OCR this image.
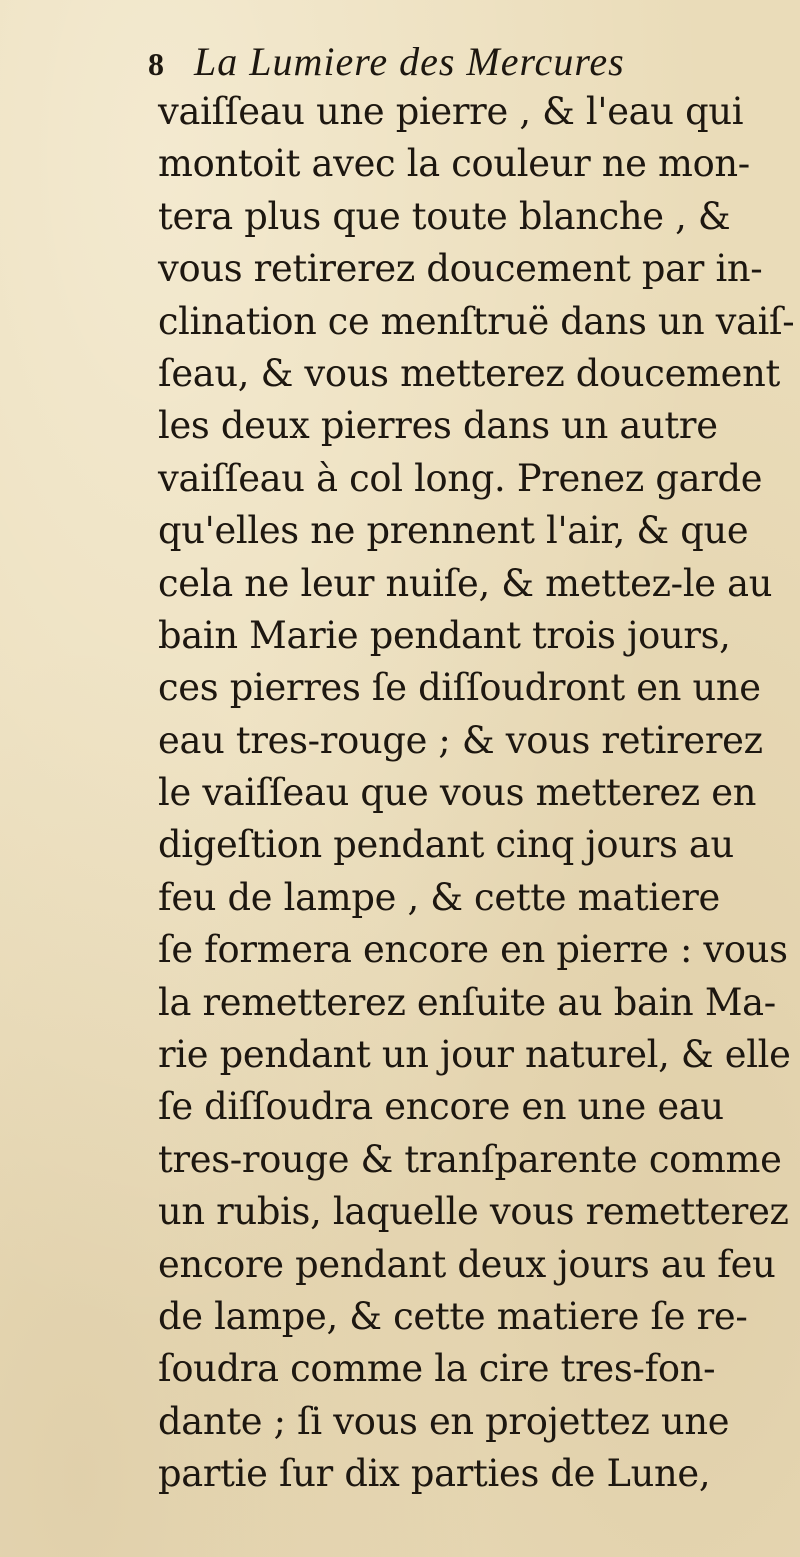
8 La Lumiere des Mercures
vaiſſeau une pierre , & l'eau qui
montoit avec la couleur ne mon-
tera plus que toute blanche , &
vous retirerez doucement par in-
clination ce menſtruë dans un vaiſ-
ſeau, & vous metterez doucement
les deux pierres dans un autre
vaiſſeau à col long. Prenez garde
qu'elles ne prennent l'air, & que
cela ne leur nuiſe, & mettez-le au
bain Marie pendant trois jours,
ces pierres ſe diſſoudront en une
eau tres-rouge ; & vous retirerez
le vaiſſeau que vous metterez en
digeſtion pendant cinq jours au
feu de lampe , & cette matiere
ſe formera encore en pierre : vous
la remetterez enſuite au bain Ma-
rie pendant un jour naturel, & elle
ſe diſſoudra encore en une eau
tres-rouge & tranſparente comme
un rubis, laquelle vous remetterez
encore pendant deux jours au feu
de lampe, & cette matiere ſe re-
ſoudra comme la cire tres-fon-
dante ; ſi vous en projettez une
partie ſur dix parties de Lune,
